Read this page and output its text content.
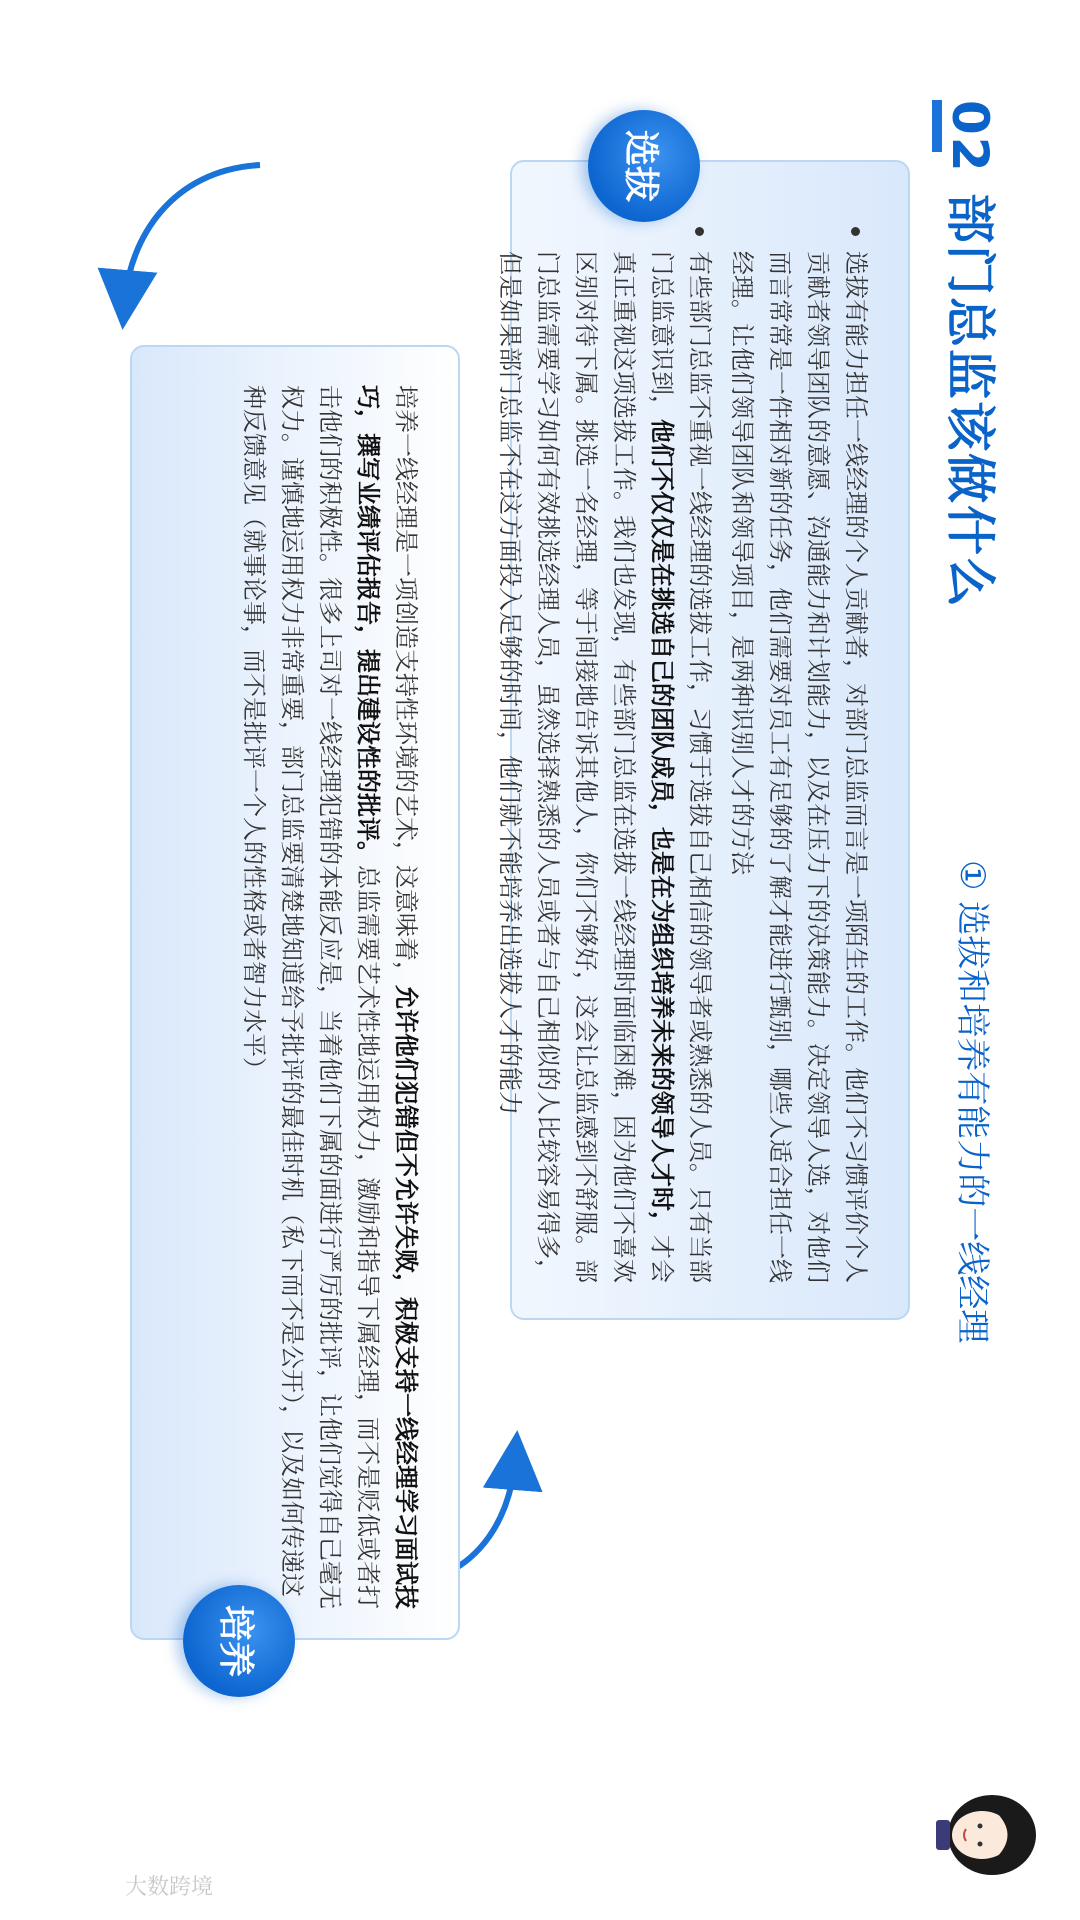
02 部门总监该做什么
① 选拔和培养有能力的一线经理
选拔
培养
选拔有能力担任一线经理的个人贡献者，对部门总监而言是一项陌生的工作。他们不习惯评价个人贡献者领导团队的意愿、沟通能力和计划能力，以及在压力下的决策能力。决定领导人选，对他们而言常常是一件相对新的任务，他们需要对员工有足够的了解才能进行甄别，哪些人适合担任一线经理。让他们领导团队和领导项目，是两种识别人才的方法
有些部门总监不重视一线经理的选拔工作，习惯于选拔自己相信的领导者或熟悉的人员。只有当部门总监意识到，他们不仅仅是在挑选自己的团队成员，也是在为组织培养未来的领导人才时，才会真正重视这项选拔工作。我们也发现，有些部门总监在选拔一线经理时面临困难，因为他们不喜欢区别对待下属。挑选一名经理，等于间接地告诉其他人，你们不够好，这会让总监感到不舒服。部门总监需要学习如何有效挑选经理人员，虽然选择熟悉的人员或者与自己相似的人比较容易得多，但是如果部门总监不在这方面投入足够的时间，他们就不能培养出选拔人才的能力
培养一线经理是一项创造支持性环境的艺术，这意味着，允许他们犯错但不允许失败，积极支持一线经理学习面试技巧，撰写业绩评估报告，提出建设性的批评。总监需要艺术性地运用权力，激励和指导下属经理，而不是贬低或者打击他们的积极性。很多上司对一线经理犯错的本能反应是，当着他们下属的面进行严厉的批评，让他们觉得自己毫无权力。谨慎地运用权力非常重要，部门总监要清楚地知道给予批评的最佳时机（私下而不是公开），以及如何传递这种反馈意见（就事论事，而不是批评一个人的性格或者智力水平）
大数跨境
